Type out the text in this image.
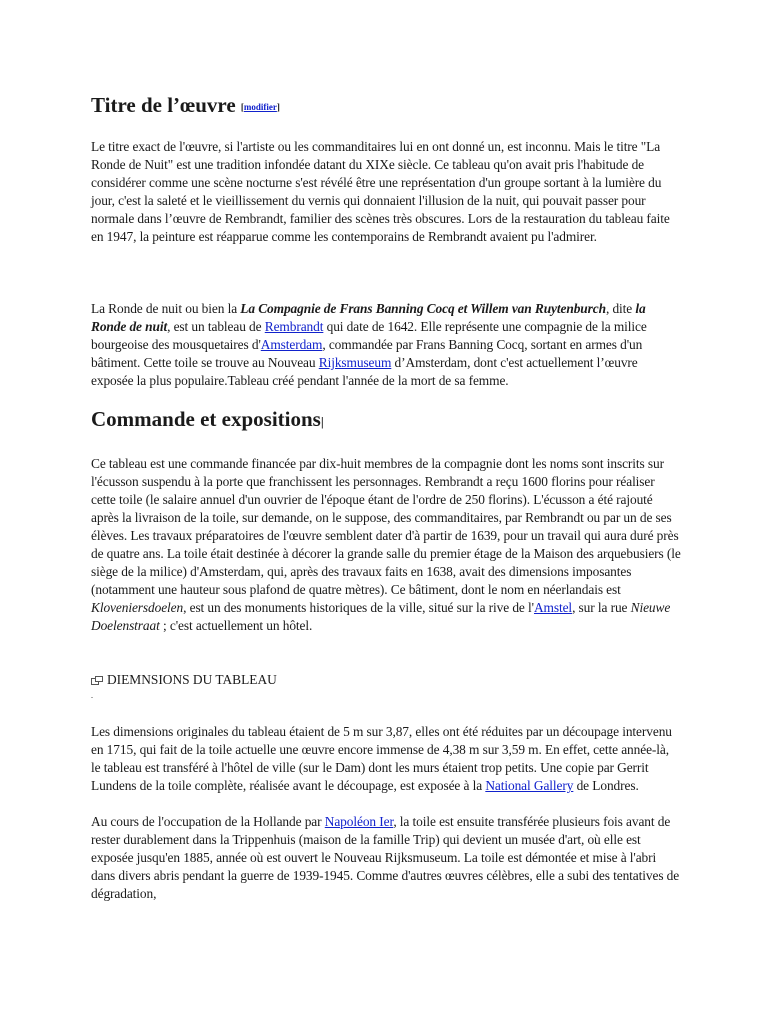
Titre de l’œuvre [modifier]

Le titre exact de l'œuvre, si l'artiste ou les commanditaires lui en ont donné un, est inconnu. Mais le titre "La Ronde de Nuit" est une tradition infondée datant du XIXe siècle. Ce tableau qu'on avait pris l'habitude de considérer comme une scène nocturne s'est révélé être une représentation d'un groupe sortant à la lumière du jour, c'est la saleté et le vieillissement du vernis qui donnaient l'illusion de la nuit, qui pouvait passer pour normale dans l’œuvre de Rembrandt, familier des scènes très obscures. Lors de la restauration du tableau faite en 1947, la peinture est réapparue comme les contemporains de Rembrandt avaient pu l'admirer.

La Ronde de nuit ou bien la La Compagnie de Frans Banning Cocq et Willem van Ruytenburch, dite la Ronde de nuit, est un tableau de Rembrandt qui date de 1642. Elle représente une compagnie de la milice bourgeoise des mousquetaires d'Amsterdam, commandée par Frans Banning Cocq, sortant en armes d'un bâtiment. Cette toile se trouve au Nouveau Rijksmuseum d’Amsterdam, dont c'est actuellement l’œuvre exposée la plus populaire.Tableau créé pendant l'année de la mort de sa femme.

Commande et expositions|

Ce tableau est une commande financée par dix-huit membres de la compagnie dont les noms sont inscrits sur l'écusson suspendu à la porte que franchissent les personnages. Rembrandt a reçu 1600 florins pour réaliser cette toile (le salaire annuel d'un ouvrier de l'époque étant de l'ordre de 250 florins). L'écusson a été rajouté après la livraison de la toile, sur demande, on le suppose, des commanditaires, par Rembrandt ou par un de ses élèves. Les travaux préparatoires de l'œuvre semblent dater d'à partir de 1639, pour un travail qui aura duré près de quatre ans. La toile était destinée à décorer la grande salle du premier étage de la Maison des arquebusiers (le siège de la milice) d'Amsterdam, qui, après des travaux faits en 1638, avait des dimensions imposantes (notamment une hauteur sous plafond de quatre mètres). Ce bâtiment, dont le nom en néerlandais est Kloveniersdoelen, est un des monuments historiques de la ville, situé sur la rive de l'Amstel, sur la rue Nieuwe Doelenstraat ; c'est actuellement un hôtel.

DIEMNSIONS DU TABLEAU
.

Les dimensions originales du tableau étaient de 5 m sur 3,87, elles ont été réduites par un découpage intervenu en 1715, qui fait de la toile actuelle une œuvre encore immense de 4,38 m sur 3,59 m. En effet, cette année-là, le tableau est transféré à l'hôtel de ville (sur le Dam) dont les murs étaient trop petits. Une copie par Gerrit Lundens de la toile complète, réalisée avant le découpage, est exposée à la National Gallery de Londres.

Au cours de l'occupation de la Hollande par Napoléon Ier, la toile est ensuite transférée plusieurs fois avant de rester durablement dans la Trippenhuis (maison de la famille Trip) qui devient un musée d'art, où elle est exposée jusqu'en 1885, année où est ouvert le Nouveau Rijksmuseum. La toile est démontée et mise à l'abri dans divers abris pendant la guerre de 1939-1945. Comme d'autres œuvres célèbres, elle a subi des tentatives de dégradation,
